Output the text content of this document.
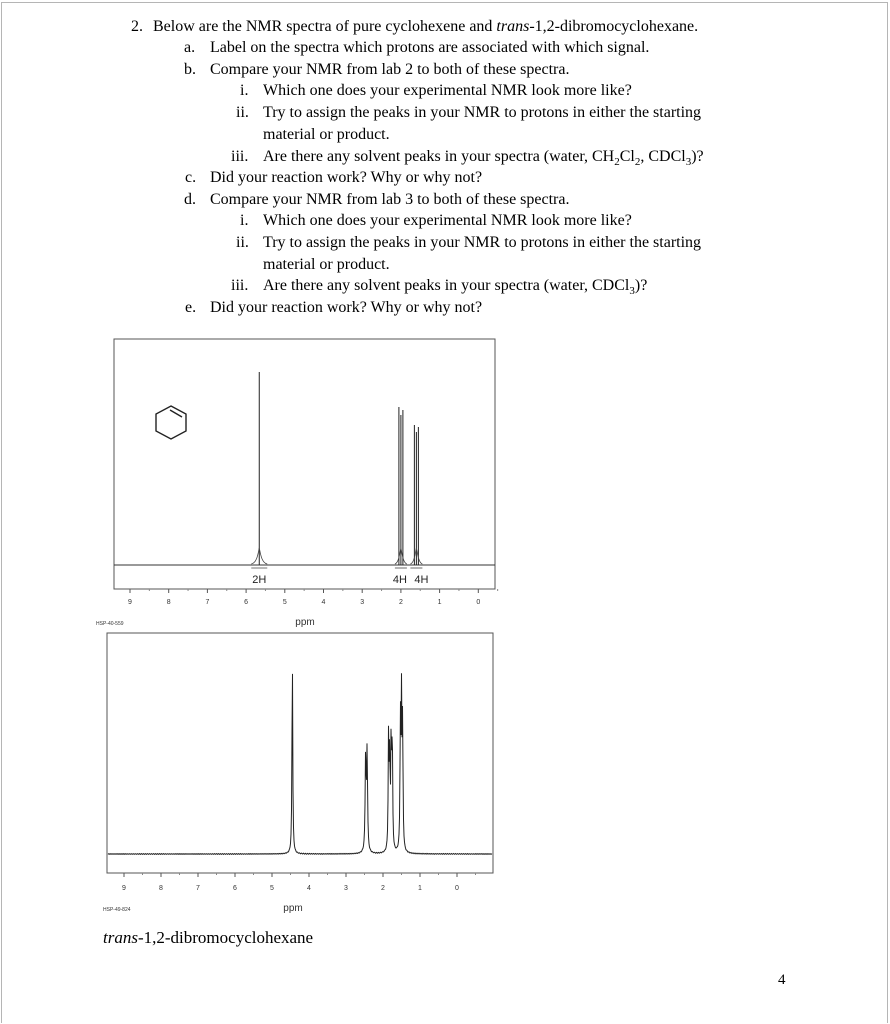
2. Below are the NMR spectra of pure cyclohexene and trans-1,2-dibromocyclohexane.
a. Label on the spectra which protons are associated with which signal.
b. Compare your NMR from lab 2 to both of these spectra.
i. Which one does your experimental NMR look more like?
ii. Try to assign the peaks in your NMR to protons in either the starting
material or product.
iii. Are there any solvent peaks in your spectra (water, $CH_2Cl_2$, CDCl$_3$)?
c. Did your reaction work? Why or why not?
d. Compare your NMR from lab 3 to both of these spectra.
i. Which one does your experimental NMR look more like?
ii. Try to assign the peaks in your NMR to protons in either the starting
material or product.
iii. Are there any solvent peaks in your spectra (water, CDCl$_3$)?
e. Did your reaction work? Why or why not?
2H	4H 4H
9	8	7	6	5	4	3	2	1	0
ppm
HSP-40-559
9	8	7	6	5	4	3	2	1	0
ppm
HSP-49-824
trans-1,2-dibromocyclohexane
4
